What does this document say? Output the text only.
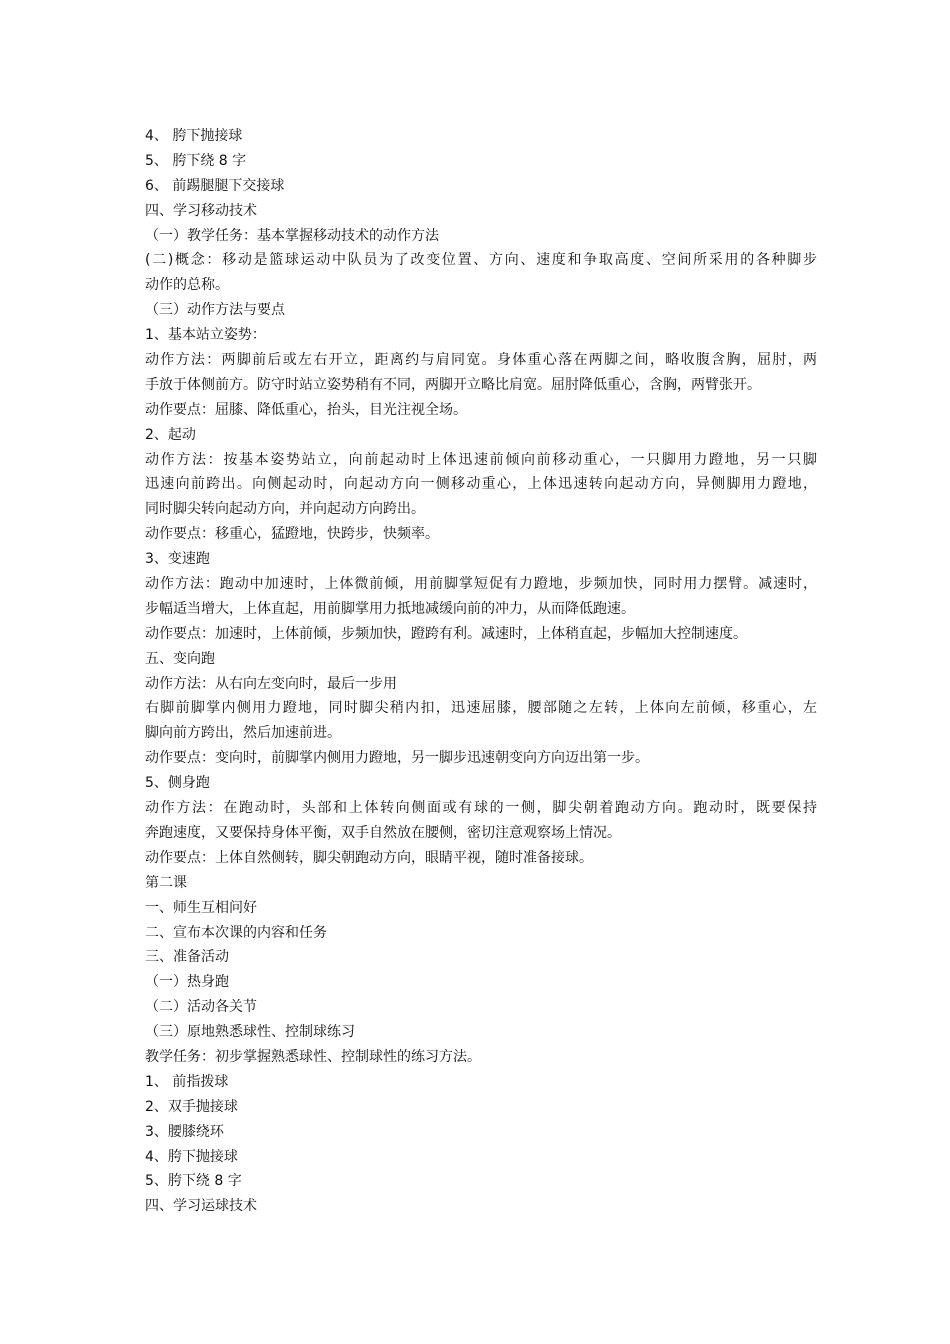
4、 胯下抛接球

5、 胯下绕 8 字

6、 前踢腿腿下交接球

四、学习移动技术

（一）教学任务：基本掌握移动技术的动作方法

(二)概念：移动是篮球运动中队员为了改变位置、方向、速度和争取高度、空间所采用的各种脚步

动作的总称。

（三）动作方法与要点

1、基本站立姿势：

动作方法：两脚前后或左右开立，距离约与肩同宽。身体重心落在两脚之间，略收腹含胸，屈肘，两

手放于体侧前方。防守时站立姿势稍有不同，两脚开立略比肩宽。屈肘降低重心，含胸，两臂张开。

动作要点：屈膝、降低重心，抬头，目光注视全场。

2、起动

动作方法：按基本姿势站立，向前起动时上体迅速前倾向前移动重心，一只脚用力蹬地，另一只脚

迅速向前跨出。向侧起动时，向起动方向一侧移动重心，上体迅速转向起动方向，异侧脚用力蹬地，

同时脚尖转向起动方向，并向起动方向跨出。

动作要点：移重心，猛蹬地，快跨步，快频率。

3、变速跑

动作方法：跑动中加速时，上体微前倾，用前脚掌短促有力蹬地，步频加快，同时用力摆臂。减速时，

步幅适当增大，上体直起，用前脚掌用力抵地减缓向前的冲力，从而降低跑速。

动作要点：加速时，上体前倾，步频加快，蹬跨有利。减速时，上体稍直起，步幅加大控制速度。

五、变向跑

动作方法：从右向左变向时，最后一步用

右脚前脚掌内侧用力蹬地，同时脚尖稍内扣，迅速屈膝，腰部随之左转，上体向左前倾，移重心，左

脚向前方跨出，然后加速前进。

动作要点：变向时，前脚掌内侧用力蹬地，另一脚步迅速朝变向方向迈出第一步。

5、侧身跑

动作方法：在跑动时，头部和上体转向侧面或有球的一侧，脚尖朝着跑动方向。跑动时，既要保持

奔跑速度，又要保持身体平衡，双手自然放在腰侧，密切注意观察场上情况。

动作要点：上体自然侧转，脚尖朝跑动方向，眼睛平视，随时准备接球。

第二课

一、师生互相问好

二、宣布本次课的内容和任务

三、准备活动

（一）热身跑

（二）活动各关节

（三）原地熟悉球性、控制球练习

教学任务：初步掌握熟悉球性、控制球性的练习方法。

1、 前指拨球

2、双手抛接球

3、腰膝绕环

4、胯下抛接球

5、胯下绕 8 字

四、学习运球技术
